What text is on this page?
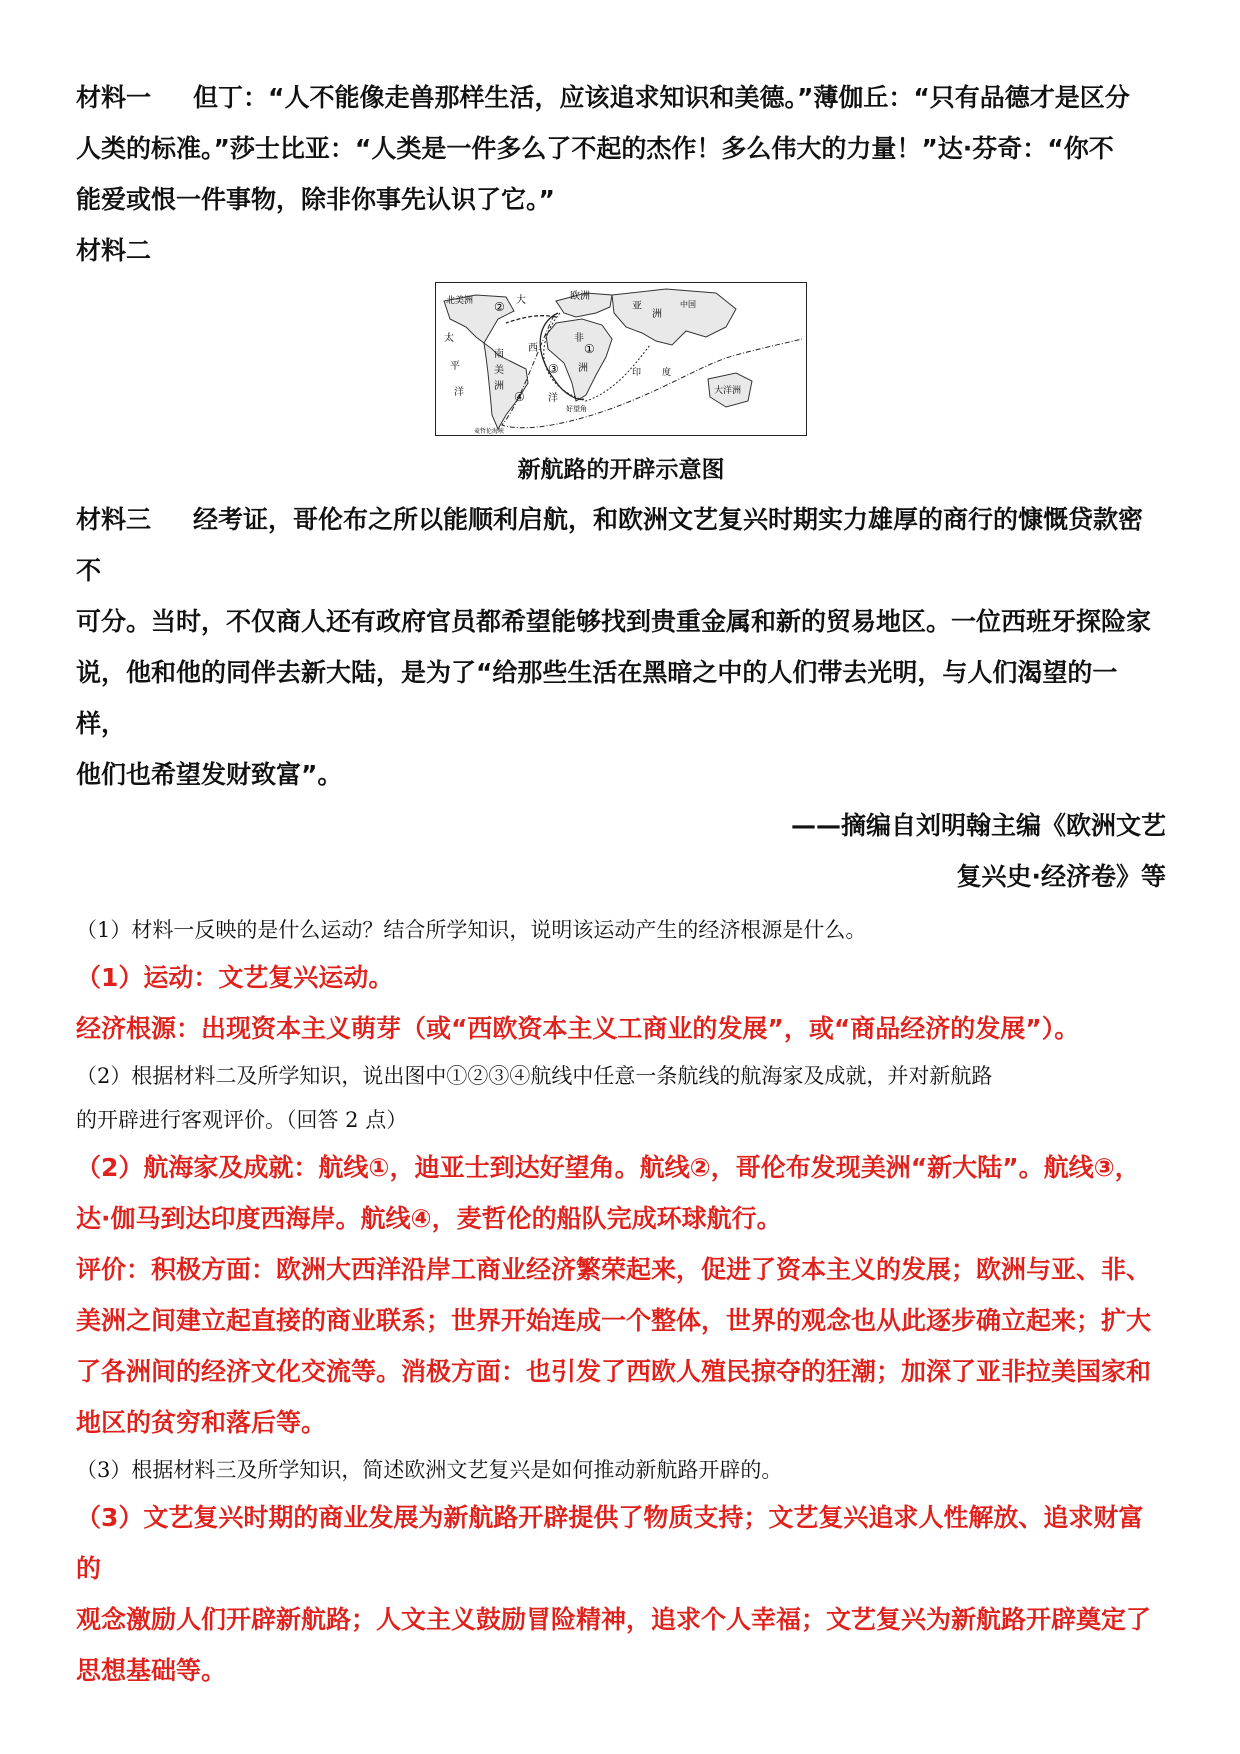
材料一 但丁：“人不能像走兽那样生活，应该追求知识和美德。”薄伽丘：“只有品德才是区分

人类的标准。”莎士比亚：“人类是一件多么了不起的杰作！多么伟大的力量！”达·芬奇：“你不

能爱或恨一件事物，除非你事先认识了它。”

材料二

北美洲	大	欧洲
亚
洲
中国
太
平
洋
南
美
洲
西
洋
非
洲	印 度
大洋洲
好望角
麦哲伦海峡
①
②
③
④

新航路的开辟示意图

材料三 经考证，哥伦布之所以能顺利启航，和欧洲文艺复兴时期实力雄厚的商行的慷慨贷款密不

可分。当时，不仅商人还有政府官员都希望能够找到贵重金属和新的贸易地区。一位西班牙探险家

说，他和他的同伴去新大陆，是为了“给那些生活在黑暗之中的人们带去光明，与人们渴望的一样，

他们也希望发财致富”。

——摘编自刘明翰主编《欧洲文艺

复兴史·经济卷》等

（1）材料一反映的是什么运动？结合所学知识，说明该运动产生的经济根源是什么。

（1）运动：文艺复兴运动。

经济根源：出现资本主义萌芽（或“西欧资本主义工商业的发展”，或“商品经济的发展”）。

（2）根据材料二及所学知识，说出图中①②③④航线中任意一条航线的航海家及成就，并对新航路

的开辟进行客观评价。（回答 2 点）

（2）航海家及成就：航线①，迪亚士到达好望角。航线②，哥伦布发现美洲“新大陆”。航线③，

达·伽马到达印度西海岸。航线④，麦哲伦的船队完成环球航行。

评价：积极方面：欧洲大西洋沿岸工商业经济繁荣起来，促进了资本主义的发展；欧洲与亚、非、

美洲之间建立起直接的商业联系；世界开始连成一个整体，世界的观念也从此逐步确立起来；扩大

了各洲间的经济文化交流等。消极方面：也引发了西欧人殖民掠夺的狂潮；加深了亚非拉美国家和

地区的贫穷和落后等。

（3）根据材料三及所学知识，简述欧洲文艺复兴是如何推动新航路开辟的。

（3）文艺复兴时期的商业发展为新航路开辟提供了物质支持；文艺复兴追求人性解放、追求财富的

观念激励人们开辟新航路；人文主义鼓励冒险精神，追求个人幸福；文艺复兴为新航路开辟奠定了

思想基础等。
